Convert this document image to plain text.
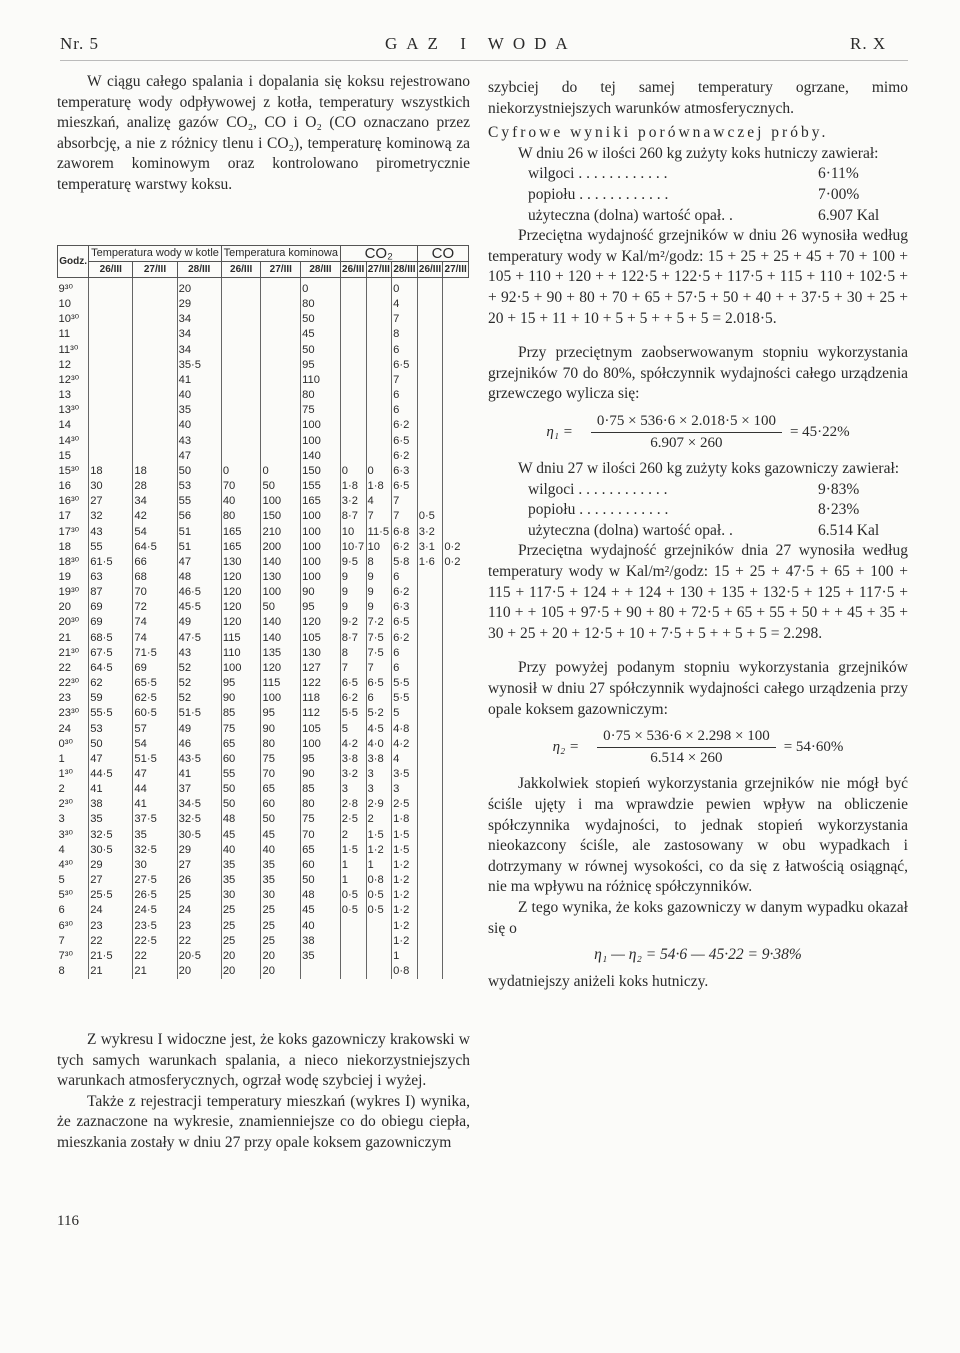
Nr. 5	GAZ I WODA	R. X

W ciągu całego spalania i dopalania się koksu rejestrowano temperaturę wody odpływowej z kotła, temperatury wszystkich mieszkań, analizę gazów CO₂, CO i O₂ (CO oznaczano przez absorbcję, a nie z różnicy tlenu i CO₂), temperaturę kominową za zaworem kominowym oraz kontrolowano pirometrycznie temperaturę warstwy koksu.

Godz.	Temperatura wody w kotle			Temperatura kominowa			CO₂			CO	
	26/III	27/III	28/III	26/III	27/III	28/III	26/III	27/III	28/III	26/III	27/III
9³⁰			20			0			0		
10			29			80			4		
10³⁰			34			50			7		
11			34			45			8		
11³⁰			34			50			6		
12			35·5			95			6·5		
12³⁰			41			110			7		
13			40			80			6		
13³⁰			35			75			6		
14			40			100			6·2		
14³⁰			43			100			6·5		
15			47			140			6·2		
15³⁰	18	18	50	0	0	150	0	0	6·3		
16	30	28	53	70	50	155	1·8	1·8	6·5		
16³⁰	27	34	55	40	100	165	3·2	4	7		
17	32	42	56	80	150	100	8·7	7	7	0·5	
17³⁰	43	54	51	165	210	100	10	11·5	6·8	3·2	
18	55	64·5	51	165	200	100	10·7	10	6·2	3·1	0·2
18³⁰	61·5	66	47	130	140	100	9·5	8	5·8	1·6	0·2
19	63	68	48	120	130	100	9	9	6		
19³⁰	87	70	46·5	120	100	90	9	9	6·2		
20	69	72	45·5	120	50	95	9	9	6·3		
20³⁰	69	74	49	120	140	120	9·2	7·2	6·5		
21	68·5	74	47·5	115	140	105	8·7	7·5	6·2		
21³⁰	67·5	71·5	43	110	135	130	8	7·5	6		
22	64·5	69	52	100	120	127	7	7	6		
22³⁰	62	65·5	52	95	115	122	6·5	6·5	5·5		
23	59	62·5	52	90	100	118	6·2	6	5·5		
23³⁰	55·5	60·5	51·5	85	95	112	5·5	5·2	5		
24	53	57	49	75	90	105	5	4·5	4·8		
0³⁰	50	54	46	65	80	100	4·2	4·0	4·2		
1	47	51·5	43·5	60	75	95	3·8	3·8	4		
1³⁰	44·5	47	41	55	70	90	3·2	3	3·5		
2	41	44	37	50	65	85	3	3	3		
2³⁰	38	41	34·5	50	60	80	2·8	2·9	2·5		
3	35	37·5	32·5	48	50	75	2·5	2	1·8		
3³⁰	32·5	35	30·5	45	45	70	2	1·5	1·5		
4	30·5	32·5	29	40	40	65	1·5	1·2	1·5		
4³⁰	29	30	27	35	35	60	1	1	1·2		
5	27	27·5	26	35	35	50	1	0·8	1·2		
5³⁰	25·5	26·5	25	30	30	48	0·5	0·5	1·2		
6	24	24·5	24	25	25	45	0·5	0·5	1·2		
6³⁰	23	23·5	23	25	25	40			1·2		
7	22	22·5	22	25	25	38			1·2		
7³⁰	21·5	22	20·5	20	20	35			1		
8	21	21	20	20	20				0·8		

Z wykresu I widoczne jest, że koks gazowniczy krakowski w tych samych warunkach spalania, a nieco niekorzystniejszych warunkach atmosferycznych, ogrzał wodę szybciej i wyżej.

Także z rejestracji temperatury mieszkań (wykres I) wynika, że zaznaczone na wykresie, znamienniejsze co do obiegu ciepła, mieszkania zostały w dniu 27 przy opale koksem gazowniczym

szybciej do tej samej temperatury ogrzane, mimo niekorzystniejszych warunków atmosferycznych.

Cyfrowe wyniki porównawczej próby.

W dniu 26 w ilości 260 kg zużyty koks hutniczy zawierał:

wilgoci . . . . . . . . . . . .	6·11%
popiołu . . . . . . . . . . . .	7·00%
użyteczna (dolna) wartość opał. .	6.907 Kal

Przeciętna wydajność grzejników w dniu 26 wynosiła według temperatury wody w Kal/m²/godz: 15 + 25 + 25 + 45 + 70 + 100 + 105 + 110 + 120 + + 122·5 + 122·5 + 117·5 + 115 + 110 + 102·5 + + 92·5 + 90 + 80 + 70 + 65 + 57·5 + 50 + 40 + + 37·5 + 30 + 25 + 20 + 15 + 11 + 10 + 5 + 5 + + 5 + 5 = 2.018·5.

Przy przeciętnym zaobserwowanym stopniu wykorzystania grzejników 70 do 80%, spółczynnik wydajności całego urządzenia grzewczego wylicza się:

$\eta_1 = \frac{0\cdot 75 \times 536\cdot 6 \times 2.018\cdot 5 \times 100}{6.907 \times 260} = 45\cdot 22\%$

W dniu 27 w ilości 260 kg zużyty koks gazowniczy zawierał:

wilgoci . . . . . . . . . . . .	9·83%
popiołu . . . . . . . . . . . .	8·23%
użyteczna (dolna) wartość opał. .	6.514 Kal

Przeciętna wydajność grzejników dnia 27 wynosiła według temperatury wody w Kal/m²/godz: 15 + 25 + 47·5 + 65 + 100 + 115 + 117·5 + 124 + + 124 + 130 + 135 + 132·5 + 125 + 117·5 + 110 + + 105 + 97·5 + 90 + 80 + 72·5 + 65 + 55 + 50 + + 45 + 35 + 30 + 25 + 20 + 12·5 + 10 + 7·5 + 5 + + 5 + 5 = 2.298.

Przy powyżej podanym stopniu wykorzystania grzejników wynosił w dniu 27 spółczynnik wydajności całego urządzenia przy opale koksem gazowniczym:

$\eta_2 = \frac{0\cdot 75 \times 536\cdot 6 \times 2.298 \times 100}{6.514 \times 260} = 54\cdot 60\%$

Jakkolwiek stopień wykorzystania grzejników nie mógł być ściśle ujęty i ma wprawdzie pewien wpływ na obliczenie spółczynnika wydajności, to jednak stopień wykorzystania nieokazcony ściśle, ale zastosowany w obu wypadkach i dotrzymany w równej wysokości, co da się z łatwością osiągnąć, nie ma wpływu na różnicę spółczynników.

Z tego wynika, że koks gazowniczy w danym wypadku okazał się o

η₁ — η₂ = 54·6 — 45·22 = 9·38%

wydatniejszy aniżeli koks hutniczy.

116
